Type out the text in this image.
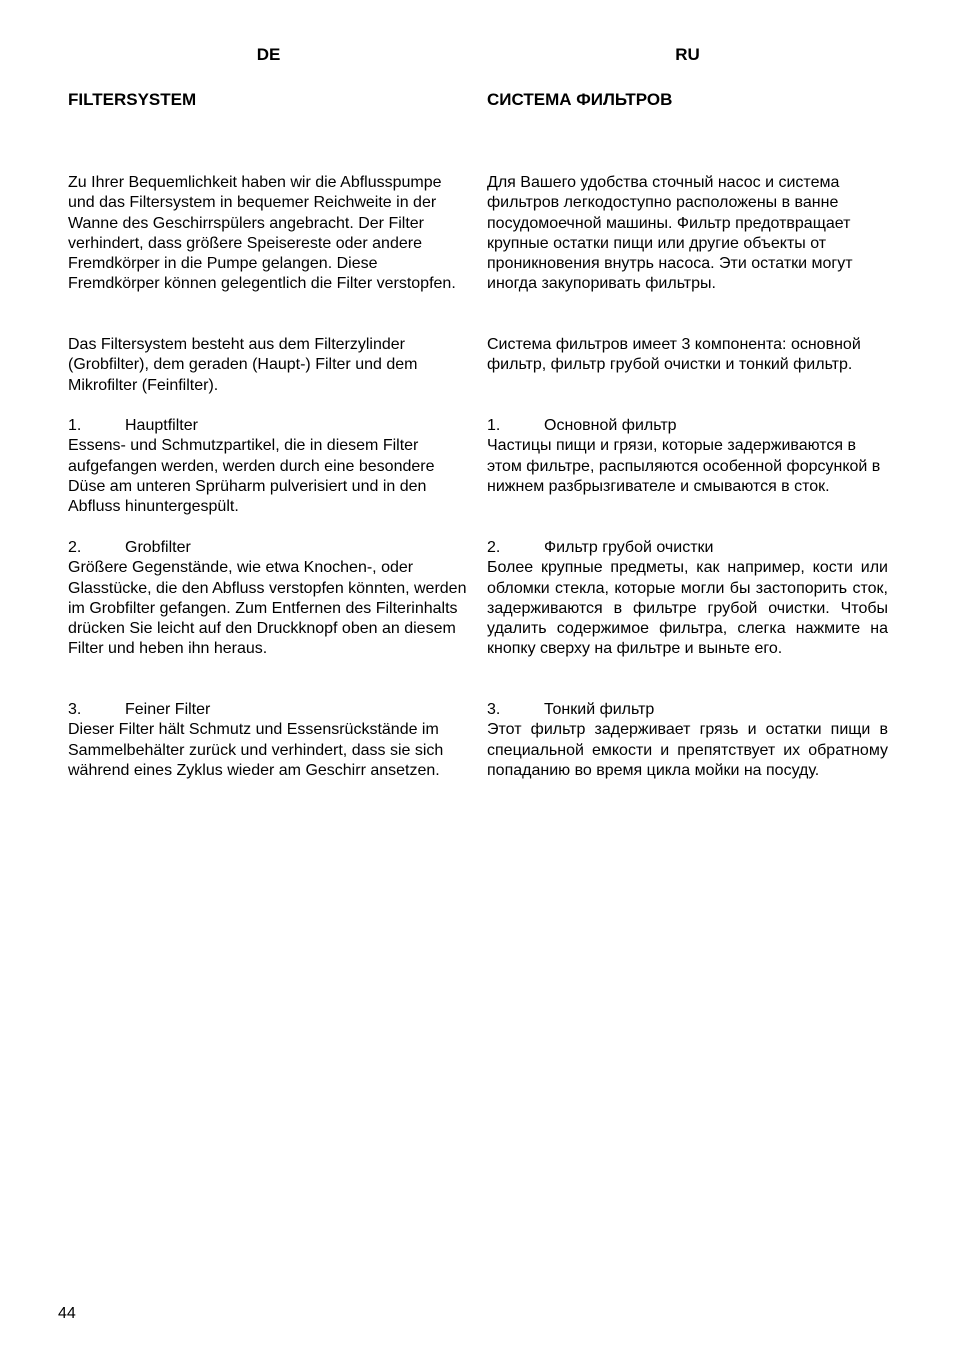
DE
FILTERSYSTEM

Zu Ihrer Bequemlichkeit haben wir die Abflusspumpe und das Filtersystem in bequemer Reichweite in der Wanne des Geschirrspülers angebracht. Der Filter verhindert, dass größere Speisereste oder andere Fremdkörper in die Pumpe gelangen. Diese Fremdkörper können gelegentlich die Filter verstopfen.

Das Filtersystem besteht aus dem Filterzylinder (Grobfilter), dem geraden (Haupt-) Filter und dem Mikrofilter (Feinfilter).

1.	Hauptfilter

Essens- und Schmutzpartikel, die in diesem Filter aufgefangen werden, werden durch eine besondere Düse am unteren Sprüharm pulverisiert und in den Abfluss hinuntergespült.

2.	Grobfilter

Größere Gegenstände, wie etwa Knochen-, oder Glasstücke, die den Abfluss verstopfen könnten, werden im Grobfilter gefangen. Zum Entfernen des Filterinhalts drücken Sie leicht auf den Druckknopf oben an diesem Filter und heben ihn heraus.

3.	Feiner Filter

Dieser Filter hält Schmutz und Essensrückstände im Sammelbehälter zurück und verhindert, dass sie sich während eines Zyklus wieder am Geschirr ansetzen.

RU
СИСТЕМА ФИЛЬТРОВ

Для Вашего удобства сточный насос и система фильтров легкодоступно расположены в ванне посудомоечной машины. Фильтр предотвращает крупные остатки пищи или другие объекты от проникновения внутрь насоса. Эти остатки могут иногда закупоривать фильтры.

Система фильтров имеет 3 компонента: основной фильтр, фильтр грубой очистки и тонкий фильтр.

1.	Основной фильтр

Частицы пищи и грязи, которые задерживаются в этом фильтре, распыляются особенной форсункой в нижнем разбрызгивателе и смываются в сток.

2.	Фильтр грубой очистки

Более крупные предметы, как например, кости или обломки стекла, которые могли бы застопорить сток, задерживаются в фильтре грубой очистки. Чтобы удалить содержимое фильтра, слегка нажмите на кнопку сверху на фильтре и выньте его.

3.	Тонкий фильтр

Этот фильтр задерживает грязь и остатки пищи в специальной емкости и препятствует их обратному попаданию во время цикла мойки на посуду.

44
